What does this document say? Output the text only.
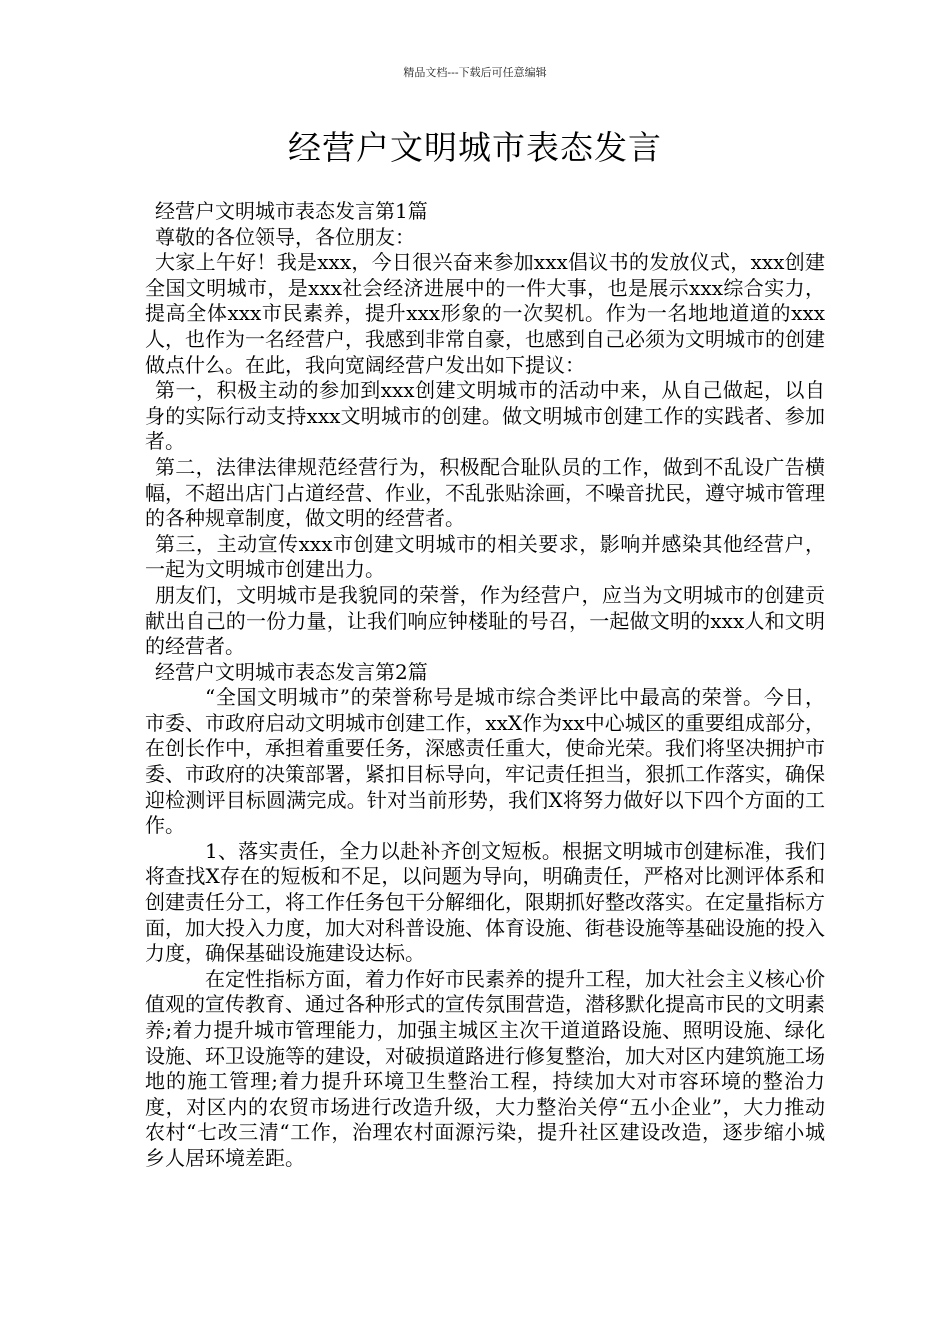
精品文档---下载后可任意编辑
经营户文明城市表态发言

经营户文明城市表态发言第1篇

尊敬的各位领导，各位朋友：

大家上午好！我是xxx，今日很兴奋来参加xxx倡议书的发放仪式，xxx创建全国文明城市，是xxx社会经济进展中的一件大事，也是展示xxx综合实力，提高全体xxx市民素养，提升xxx形象的一次契机。作为一名地地道道的xxx人，也作为一名经营户，我感到非常自豪，也感到自己必须为文明城市的创建做点什么。在此，我向宽阔经营户发出如下提议：

第一，积极主动的参加到xxx创建文明城市的活动中来，从自己做起，以自身的实际行动支持xxx文明城市的创建。做文明城市创建工作的实践者、参加者。

第二，法律法律规范经营行为，积极配合耻队员的工作，做到不乱设广告横幅，不超出店门占道经营、作业，不乱张贴涂画，不噪音扰民，遵守城市管理的各种规章制度，做文明的经营者。

第三，主动宣传xxx市创建文明城市的相关要求，影响并感染其他经营户，一起为文明城市创建出力。

朋友们，文明城市是我貌同的荣誉，作为经营户，应当为文明城市的创建贡献出自己的一份力量，让我们响应钟楼耻的号召，一起做文明的xxx人和文明的经营者。

经营户文明城市表态发言第2篇

“全国文明城市”的荣誉称号是城市综合类评比中最高的荣誉。今日，市委、市政府启动文明城市创建工作，xxX作为xx中心城区的重要组成部分，在创长作中，承担着重要任务，深感责任重大，使命光荣。我们将坚决拥护市委、市政府的决策部署，紧扣目标导向，牢记责任担当，狠抓工作落实，确保迎检测评目标圆满完成。针对当前形势，我们X将努力做好以下四个方面的工作。

1、落实责任，全力以赴补齐创文短板。根据文明城市创建标准，我们将查找X存在的短板和不足，以问题为导向，明确责任，严格对比测评体系和创建责任分工，将工作任务包干分解细化，限期抓好整改落实。在定量指标方面，加大投入力度，加大对科普设施、体育设施、街巷设施等基础设施的投入力度，确保基础设施建设达标。

在定性指标方面，着力作好市民素养的提升工程，加大社会主义核心价值观的宣传教育、通过各种形式的宣传氛围营造，潜移默化提高市民的文明素养;着力提升城市管理能力，加强主城区主次干道道路设施、照明设施、绿化设施、环卫设施等的建设，对破损道路进行修复整治，加大对区内建筑施工场地的施工管理;着力提升环境卫生整治工程，持续加大对市容环境的整治力度，对区内的农贸市场进行改造升级，大力整治关停“五小企业”，大力推动农村“七改三清“工作，治理农村面源污染，提升社区建设改造，逐步缩小城乡人居环境差距。
